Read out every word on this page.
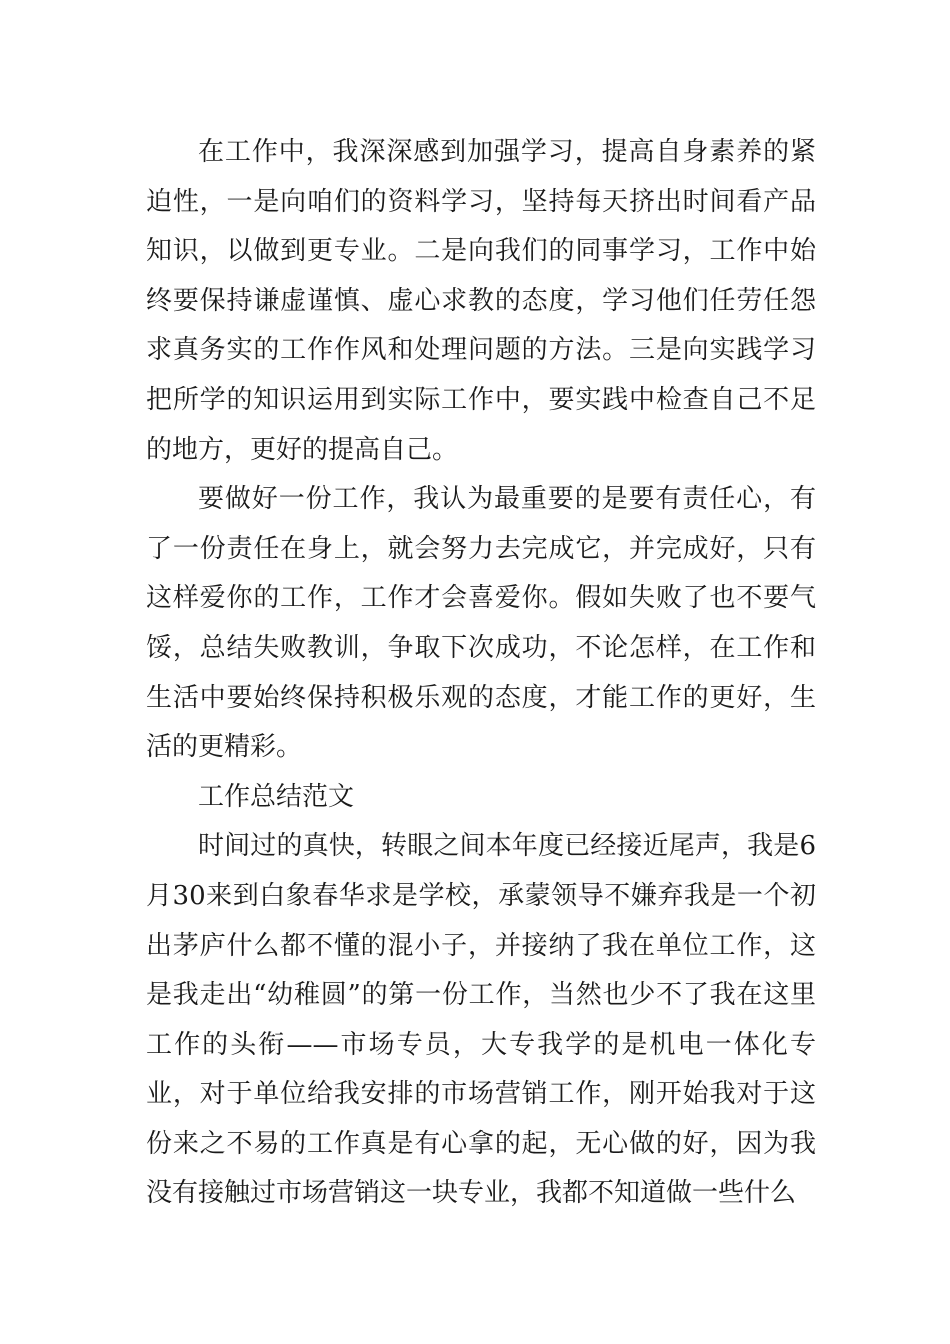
在工作中，我深深感到加强学习，提高自身素养的紧迫性，一是向咱们的资料学习，坚持每天挤出时间看产品知识，以做到更专业。二是向我们的同事学习，工作中始终要保持谦虚谨慎、虚心求教的态度，学习他们任劳任怨求真务实的工作作风和处理问题的方法。三是向实践学习把所学的知识运用到实际工作中，要实践中检查自己不足的地方，更好的提高自己。

要做好一份工作，我认为最重要的是要有责任心，有了一份责任在身上，就会努力去完成它，并完成好，只有这样爱你的工作，工作才会喜爱你。假如失败了也不要气馁，总结失败教训，争取下次成功，不论怎样，在工作和生活中要始终保持积极乐观的态度，才能工作的更好，生活的更精彩。

工作总结范文

时间过的真快，转眼之间本年度已经接近尾声，我是6月30来到白象春华求是学校，承蒙领导不嫌弃我是一个初出茅庐什么都不懂的混小子，并接纳了我在单位工作，这是我走出“幼稚圆”的第一份工作，当然也少不了我在这里工作的头衔——市场专员，大专我学的是机电一体化专业，对于单位给我安排的市场营销工作，刚开始我对于这份来之不易的工作真是有心拿的起，无心做的好，因为我没有接触过市场营销这一块专业，我都不知道做一些什么
